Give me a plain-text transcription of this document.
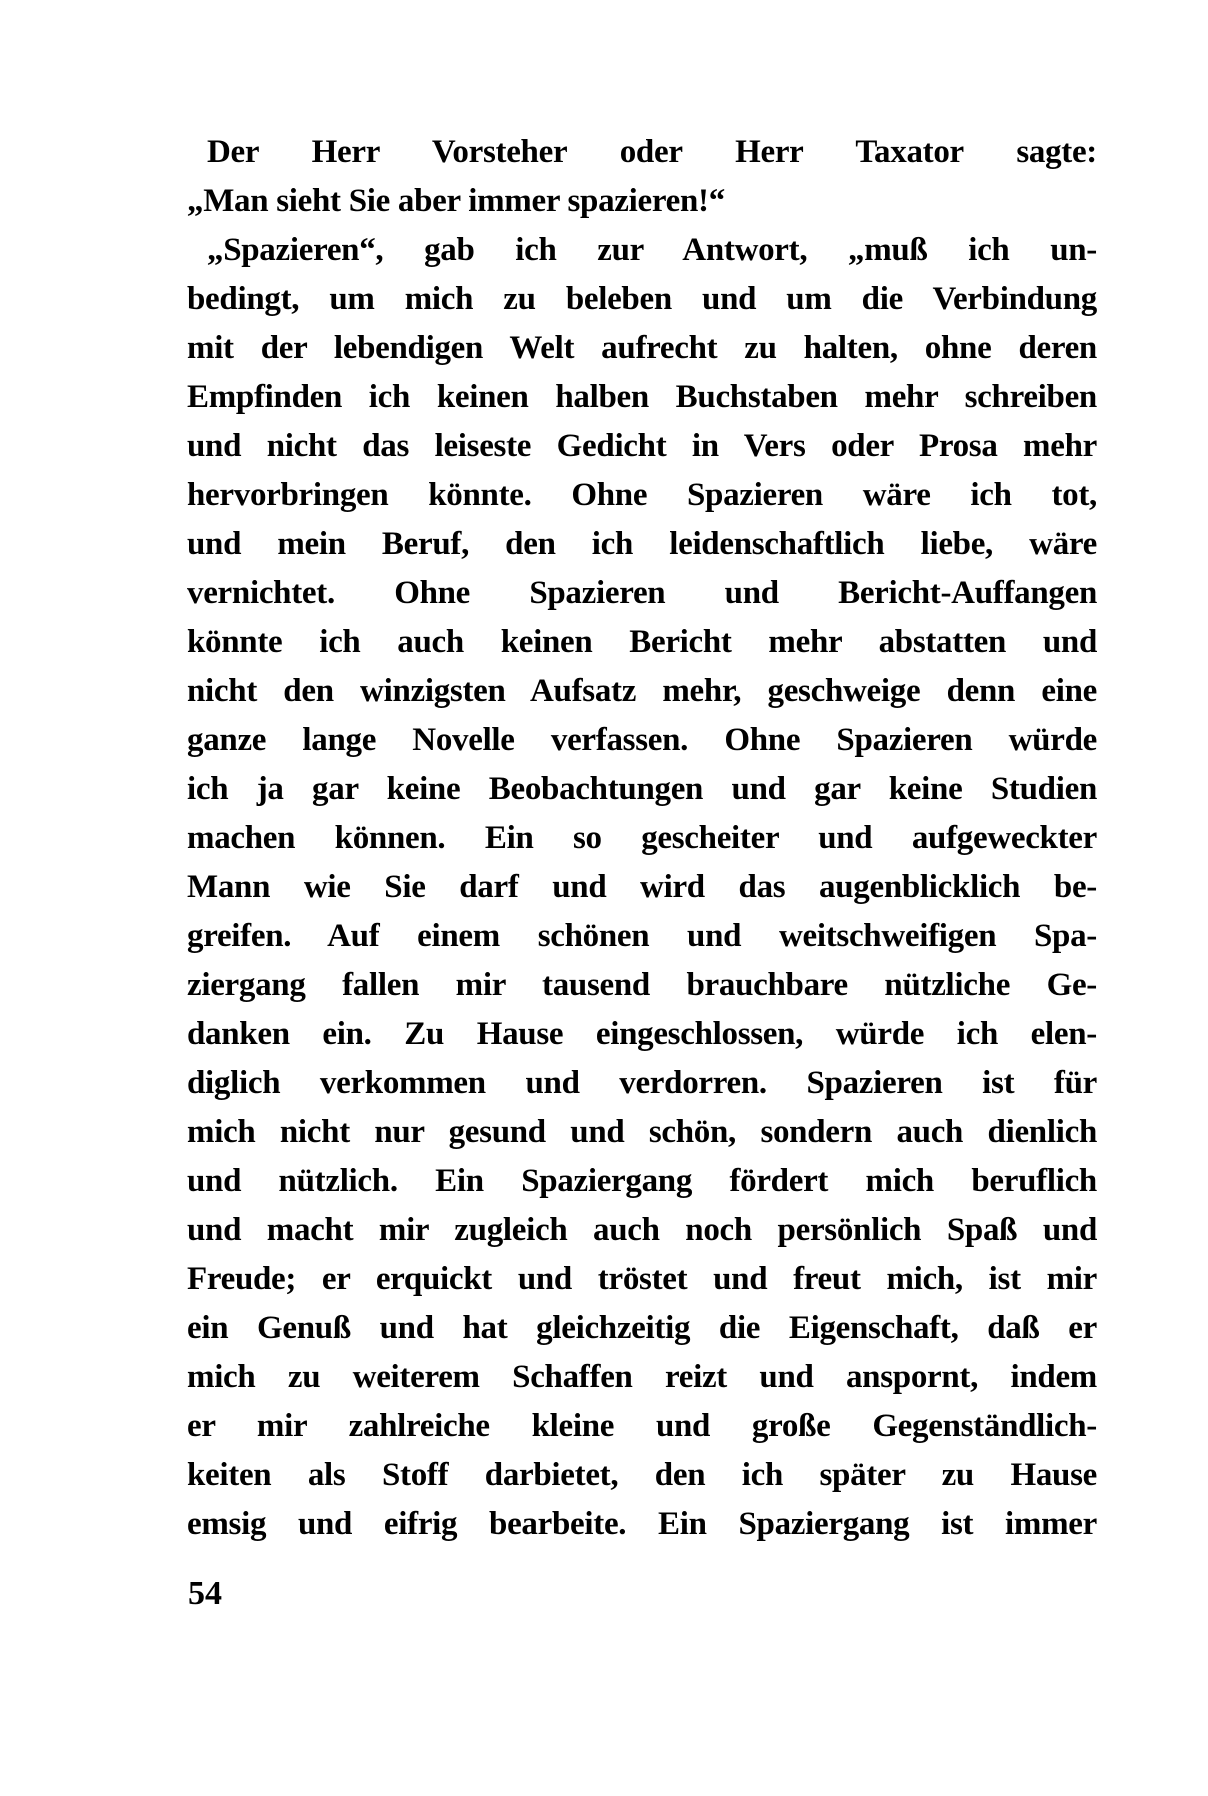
Der Herr Vorsteher oder Herr Taxator sagte:
„Man sieht Sie aber immer spazieren!“
„Spazieren“, gab ich zur Antwort, „muß ich un-
bedingt, um mich zu beleben und um die Verbindung
mit der lebendigen Welt aufrecht zu halten, ohne deren
Empfinden ich keinen halben Buchstaben mehr schreiben
und nicht das leiseste Gedicht in Vers oder Prosa mehr
hervorbringen könnte. Ohne Spazieren wäre ich tot,
und mein Beruf, den ich leidenschaftlich liebe, wäre
vernichtet. Ohne Spazieren und Bericht-Auffangen
könnte ich auch keinen Bericht mehr abstatten und
nicht den winzigsten Aufsatz mehr, geschweige denn eine
ganze lange Novelle verfassen. Ohne Spazieren würde
ich ja gar keine Beobachtungen und gar keine Studien
machen können. Ein so gescheiter und aufgeweckter
Mann wie Sie darf und wird das augenblicklich be-
greifen. Auf einem schönen und weitschweifigen Spa-
ziergang fallen mir tausend brauchbare nützliche Ge-
danken ein. Zu Hause eingeschlossen, würde ich elen-
diglich verkommen und verdorren. Spazieren ist für
mich nicht nur gesund und schön, sondern auch dienlich
und nützlich. Ein Spaziergang fördert mich beruflich
und macht mir zugleich auch noch persönlich Spaß und
Freude; er erquickt und tröstet und freut mich, ist mir
ein Genuß und hat gleichzeitig die Eigenschaft, daß er
mich zu weiterem Schaffen reizt und anspornt, indem
er mir zahlreiche kleine und große Gegenständlich-
keiten als Stoff darbietet, den ich später zu Hause
emsig und eifrig bearbeite. Ein Spaziergang ist immer
54
